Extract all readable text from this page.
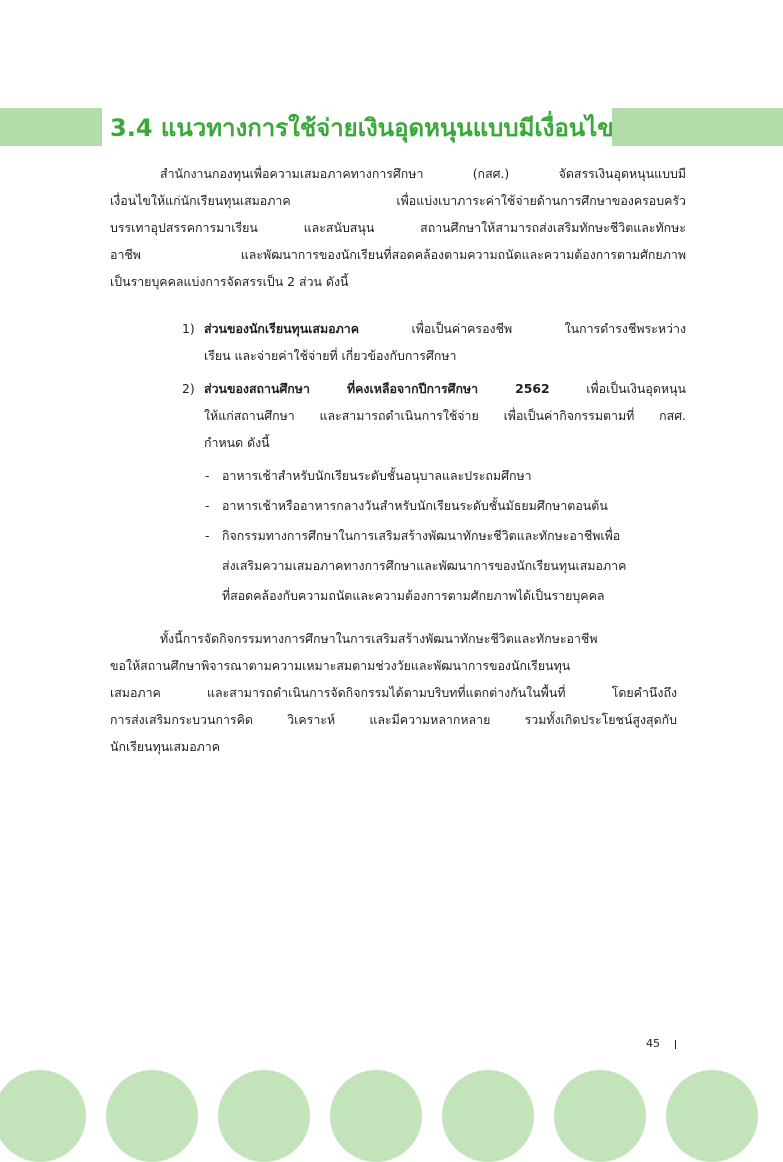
3.4 แนวทางการใช้จ่ายเงินอุดหนุนแบบมีเงื่อนไข

สำนักงานกองทุนเพื่อความเสมอภาคทางการศึกษา (กสศ.) จัดสรรเงินอุดหนุนแบบมี

เงื่อนไขให้แก่นักเรียนทุนเสมอภาค เพื่อแบ่งเบาภาระค่าใช้จ่ายด้านการศึกษาของครอบครัว

บรรเทาอุปสรรคการมาเรียน และสนับสนุน สถานศึกษาให้สามารถส่งเสริมทักษะชีวิตและทักษะ

อาชีพ และพัฒนาการของนักเรียนที่สอดคล้องตามความถนัดและความต้องการตามศักยภาพ

เป็นรายบุคคลแบ่งการจัดสรรเป็น 2 ส่วน ดังนี้

1) ส่วนของนักเรียนทุนเสมอภาค เพื่อเป็นค่าครองชีพ ในการดำรงชีพระหว่าง

เรียน และจ่ายค่าใช้จ่ายที่ เกี่ยวข้องกับการศึกษา

2) ส่วนของสถานศึกษา ที่คงเหลือจากปีการศึกษา 2562 เพื่อเป็นเงินอุดหนุน

ให้แก่สถานศึกษา และสามารถดำเนินการใช้จ่าย เพื่อเป็นค่ากิจกรรมตามที่ กสศ.

กำหนด ดังนี้

- อาหารเช้าสำหรับนักเรียนระดับชั้นอนุบาลและประถมศึกษา

- อาหารเช้าหรืออาหารกลางวันสำหรับนักเรียนระดับชั้นมัธยมศึกษาตอนต้น

- กิจกรรมทางการศึกษาในการเสริมสร้างพัฒนาทักษะชีวิตและทักษะอาชีพเพื่อ

ส่งเสริมความเสมอภาคทางการศึกษาและพัฒนาการของนักเรียนทุนเสมอภาค

ที่สอดคล้องกับความถนัดและความต้องการตามศักยภาพได้เป็นรายบุคคล

ทั้งนี้การจัดกิจกรรมทางการศึกษาในการเสริมสร้างพัฒนาทักษะชีวิตและทักษะอาชีพ

ขอให้สถานศึกษาพิจารณาตามความเหมาะสมตามช่วงวัยและพัฒนาการของนักเรียนทุน

เสมอภาค และสามารถดำเนินการจัดกิจกรรมได้ตามบริบทที่แตกต่างกันในพื้นที่ โดยคำนึงถึง

การส่งเสริมกระบวนการคิด วิเคราะห์ และมีความหลากหลาย รวมทั้งเกิดประโยชน์สูงสุดกับ

นักเรียนทุนเสมอภาค

45
